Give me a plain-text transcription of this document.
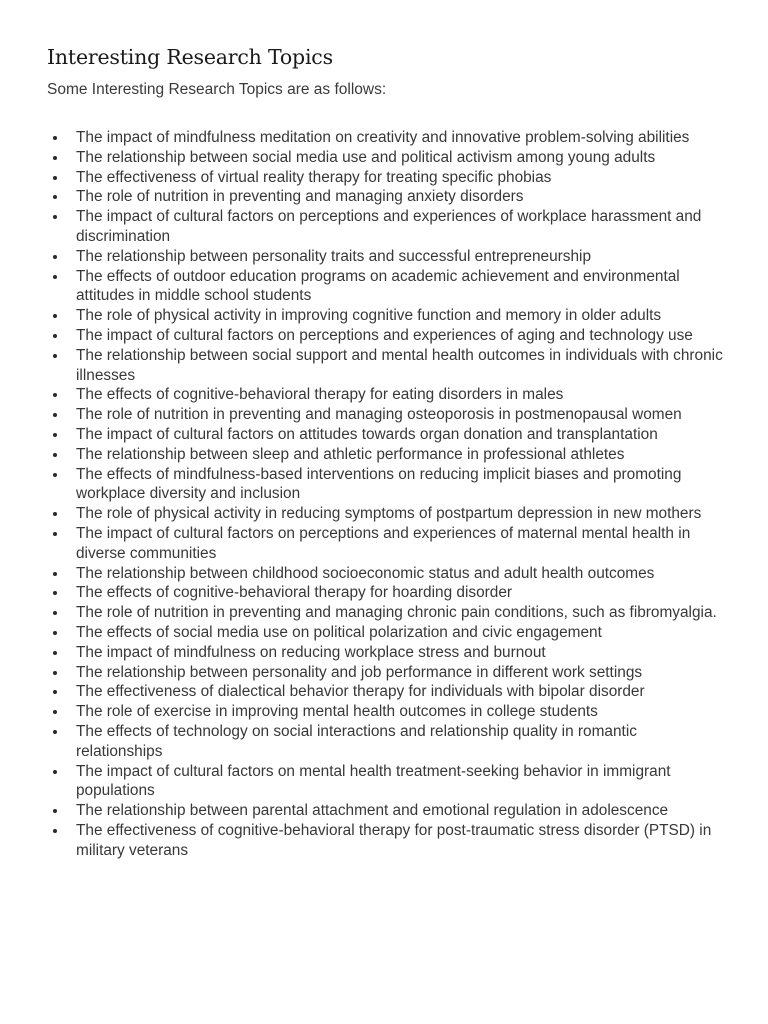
Interesting Research Topics

Some Interesting Research Topics are as follows:

The impact of mindfulness meditation on creativity and innovative problem-solving abilities
The relationship between social media use and political activism among young adults
The effectiveness of virtual reality therapy for treating specific phobias
The role of nutrition in preventing and managing anxiety disorders
The impact of cultural factors on perceptions and experiences of workplace harassment and discrimination
The relationship between personality traits and successful entrepreneurship
The effects of outdoor education programs on academic achievement and environmental attitudes in middle school students
The role of physical activity in improving cognitive function and memory in older adults
The impact of cultural factors on perceptions and experiences of aging and technology use
The relationship between social support and mental health outcomes in individuals with chronic illnesses
The effects of cognitive-behavioral therapy for eating disorders in males
The role of nutrition in preventing and managing osteoporosis in postmenopausal women
The impact of cultural factors on attitudes towards organ donation and transplantation
The relationship between sleep and athletic performance in professional athletes
The effects of mindfulness-based interventions on reducing implicit biases and promoting workplace diversity and inclusion
The role of physical activity in reducing symptoms of postpartum depression in new mothers
The impact of cultural factors on perceptions and experiences of maternal mental health in diverse communities
The relationship between childhood socioeconomic status and adult health outcomes
The effects of cognitive-behavioral therapy for hoarding disorder
The role of nutrition in preventing and managing chronic pain conditions, such as fibromyalgia.
The effects of social media use on political polarization and civic engagement
The impact of mindfulness on reducing workplace stress and burnout
The relationship between personality and job performance in different work settings
The effectiveness of dialectical behavior therapy for individuals with bipolar disorder
The role of exercise in improving mental health outcomes in college students
The effects of technology on social interactions and relationship quality in romantic relationships
The impact of cultural factors on mental health treatment-seeking behavior in immigrant populations
The relationship between parental attachment and emotional regulation in adolescence
The effectiveness of cognitive-behavioral therapy for post-traumatic stress disorder (PTSD) in military veterans
